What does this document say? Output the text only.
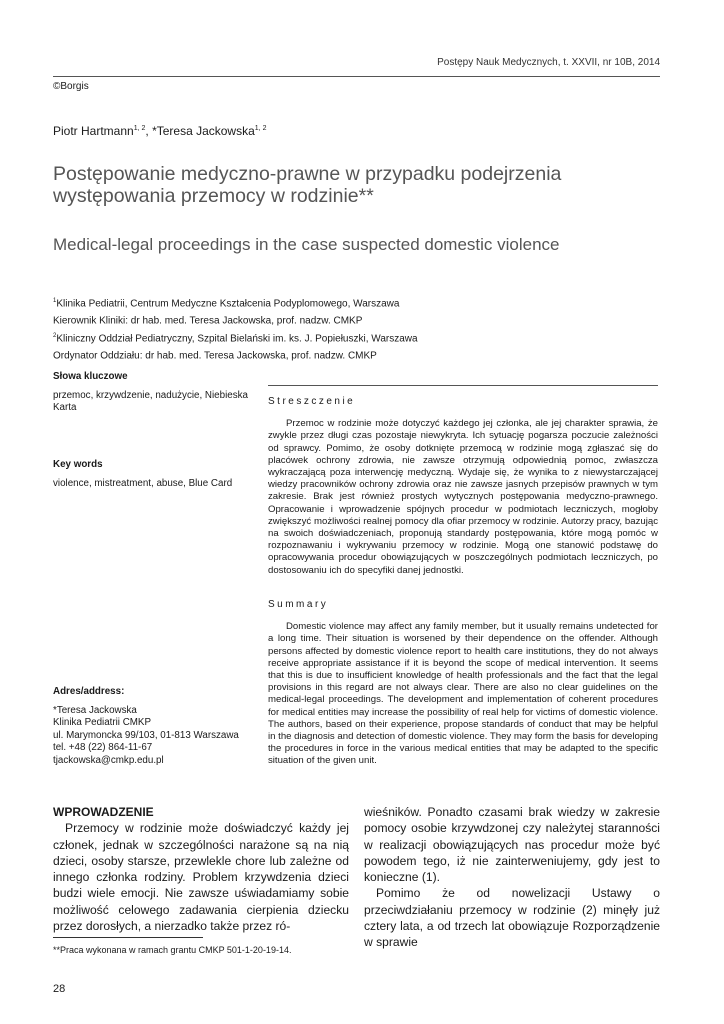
Postępy Nauk Medycznych, t. XXVII, nr 10B, 2014
©Borgis
Piotr Hartmann$^{1, 2}$, *Teresa Jackowska$^{1, 2}$
Postępowanie medyczno-prawne w przypadku podejrzenia występowania przemocy w rodzinie**
Medical-legal proceedings in the case suspected domestic violence
$^1$Klinika Pediatrii, Centrum Medyczne Kształcenia Podyplomowego, Warszawa
Kierownik Kliniki: dr hab. med. Teresa Jackowska, prof. nadzw. CMKP
$^2$Kliniczny Oddział Pediatryczny, Szpital Bielański im. ks. J. Popiełuszki, Warszawa
Ordynator Oddziału: dr hab. med. Teresa Jackowska, prof. nadzw. CMKP
Słowa kluczowe
przemoc, krzywdzenie, nadużycie, Niebieska Karta
Key words
violence, mistreatment, abuse, Blue Card
Adres/address:
*Teresa Jackowska
Klinika Pediatrii CMKP
ul. Marymoncka 99/103, 01-813 Warszawa
tel. +48 (22) 864-11-67
tjackowska@cmkp.edu.pl
Streszczenie

Przemoc w rodzinie może dotyczyć każdego jej członka, ale jej charakter sprawia, że zwykle przez długi czas pozostaje niewykryta. Ich sytuację pogarsza poczucie zależności od sprawcy. Pomimo, że osoby dotknięte przemocą w rodzinie mogą zgłaszać się do placówek ochrony zdrowia, nie zawsze otrzymują odpowiednią pomoc, zwłaszcza wykraczającą poza interwencję medyczną. Wydaje się, że wynika to z niewystarczającej wiedzy pracowników ochrony zdrowia oraz nie zawsze jasnych przepisów prawnych w tym zakresie. Brak jest również prostych wytycznych postępowania medyczno-prawnego. Opracowanie i wprowadzenie spójnych procedur w podmiotach leczniczych, mogłoby zwiększyć możliwości realnej pomocy dla ofiar przemocy w rodzinie. Autorzy pracy, bazując na swoich doświadczeniach, proponują standardy postępowania, które mogą pomóc w rozpoznawaniu i wykrywaniu przemocy w rodzinie. Mogą one stanowić podstawę do opracowywania procedur obowiązujących w poszczególnych podmiotach leczniczych, po dostosowaniu ich do specyfiki danej jednostki.

Summary

Domestic violence may affect any family member, but it usually remains undetected for a long time. Their situation is worsened by their dependence on the offender. Although persons affected by domestic violence report to health care institutions, they do not always receive appropriate assistance if it is beyond the scope of medical intervention. It seems that this is due to insufficient knowledge of health professionals and the fact that the legal provisions in this regard are not always clear. There are also no clear guidelines on the medical-legal proceedings. The development and implementation of coherent procedures for medical entities may increase the possibility of real help for victims of domestic violence. The authors, based on their experience, propose standards of conduct that may be helpful in the diagnosis and detection of domestic violence. They may form the basis for developing the procedures in force in the various medical entities that may be adapted to the specific situation of the given unit.

WPROWADZENIE

Przemocy w rodzinie może doświadczyć każdy jej członek, jednak w szczególności narażone są na nią dzieci, osoby starsze, przewlekle chore lub zależne od innego członka rodziny. Problem krzywdzenia dzieci budzi wiele emocji. Nie zawsze uświadamiamy sobie możliwość celowego zadawania cierpienia dziecku przez dorosłych, a nierzadko także przez ró-

wieśników. Ponadto czasami brak wiedzy w zakresie pomocy osobie krzywdzonej czy należytej staranności w realizacji obowiązujących nas procedur może być powodem tego, iż nie zainterweniujemy, gdy jest to konieczne (1).

Pomimo że od nowelizacji Ustawy o przeciwdziałaniu przemocy w rodzinie (2) minęły już cztery lata, a od trzech lat obowiązuje Rozporządzenie w sprawie

**Praca wykonana w ramach grantu CMKP 501-1-20-19-14.
28
